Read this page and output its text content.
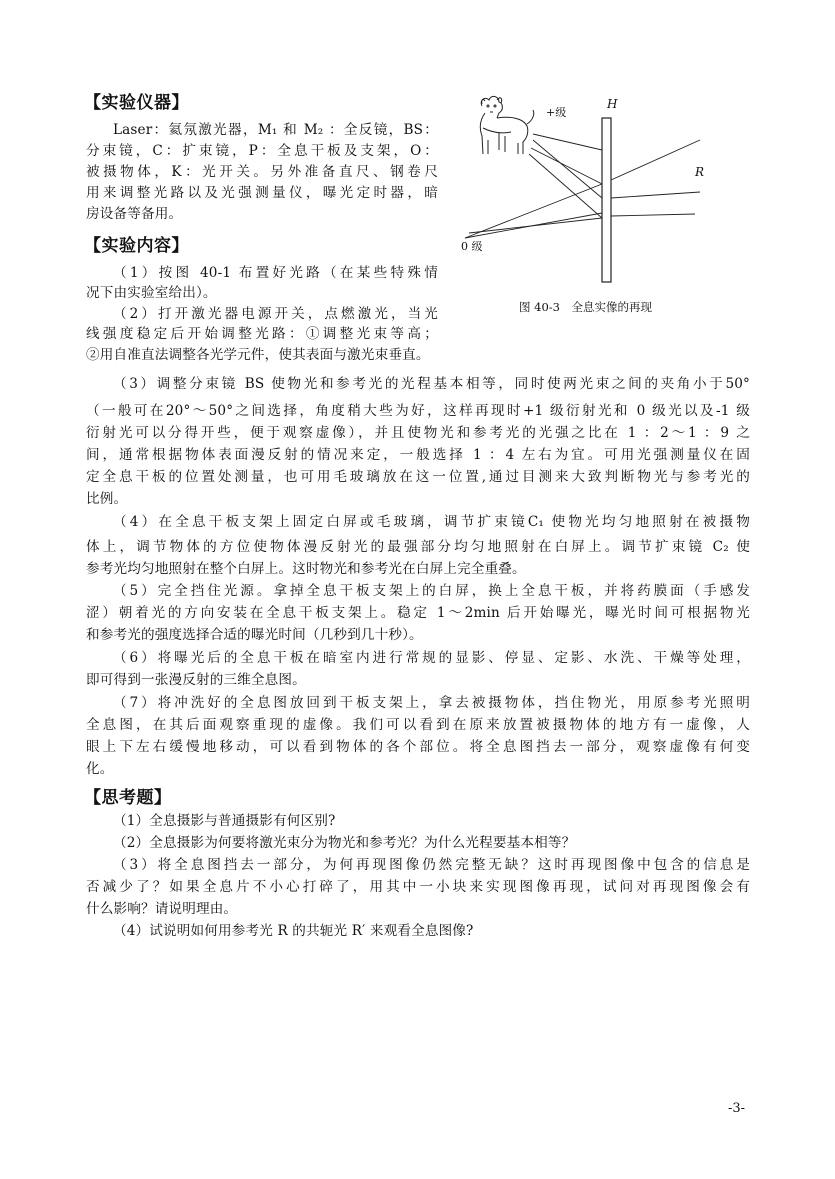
【实验仪器】
Laser：氦氖激光器，M₁ 和 M₂ ：全反镜，BS：
分束镜，C：扩束镜，P：全息干板及支架，O：
被摄物体，K：光开关。另外准备直尺、钢卷尺
用来调整光路以及光强测量仪，曝光定时器，暗
房设备等备用。
【实验内容】
（1）按图 40-1 布置好光路（在某些特殊情
况下由实验室给出）。
（2）打开激光器电源开关，点燃激光，当光
线强度稳定后开始调整光路：①调整光束等高；
②用自准直法调整各光学元件，使其表面与激光束垂直。
（3）调整分束镜 BS 使物光和参考光的光程基本相等，同时使两光束之间的夹角小于50°
（一般可在20°～50°之间选择，角度稍大些为好，这样再现时+1 级衍射光和 0 级光以及-1 级
衍射光可以分得开些，便于观察虚像），并且使物光和参考光的光强之比在 1 ：2～1 ：9 之
间，通常根据物体表面漫反射的情况来定，一般选择 1 ：4 左右为宜。可用光强测量仪在固
定全息干板的位置处测量，也可用毛玻璃放在这一位置,通过目测来大致判断物光与参考光的
比例。
（4）在全息干板支架上固定白屏或毛玻璃，调节扩束镜C₁ 使物光均匀地照射在被摄物
体上，调节物体的方位使物体漫反射光的最强部分均匀地照射在白屏上。调节扩束镜 C₂ 使
参考光均匀地照射在整个白屏上。这时物光和参考光在白屏上完全重叠。
（5）完全挡住光源。拿掉全息干板支架上的白屏，换上全息干板，并将药膜面（手感发
涩）朝着光的方向安装在全息干板支架上。稳定 1～2min 后开始曝光，曝光时间可根据物光
和参考光的强度选择合适的曝光时间（几秒到几十秒）。
（6）将曝光后的全息干板在暗室内进行常规的显影、停显、定影、水洗、干燥等处理，
即可得到一张漫反射的三维全息图。
（7）将冲洗好的全息图放回到干板支架上，拿去被摄物体，挡住物光，用原参考光照明
全息图，在其后面观察重现的虚像。我们可以看到在原来放置被摄物体的地方有一虚像，人
眼上下左右缓慢地移动，可以看到物体的各个部位。将全息图挡去一部分，观察虚像有何变
化。
【思考题】
（1）全息摄影与普通摄影有何区别?
（2）全息摄影为何要将激光束分为物光和参考光？为什么光程要基本相等？
（3）将全息图挡去一部分，为何再现图像仍然完整无缺？这时再现图像中包含的信息是
否减少了？如果全息片不小心打碎了，用其中一小块来实现图像再现，试问对再现图像会有
什么影响？请说明理由。
（4）试说明如何用参考光 R 的共轭光 R′ 来观看全息图像?
+级
H
R
0 级
图 40-3　全息实像的再现
-3-
